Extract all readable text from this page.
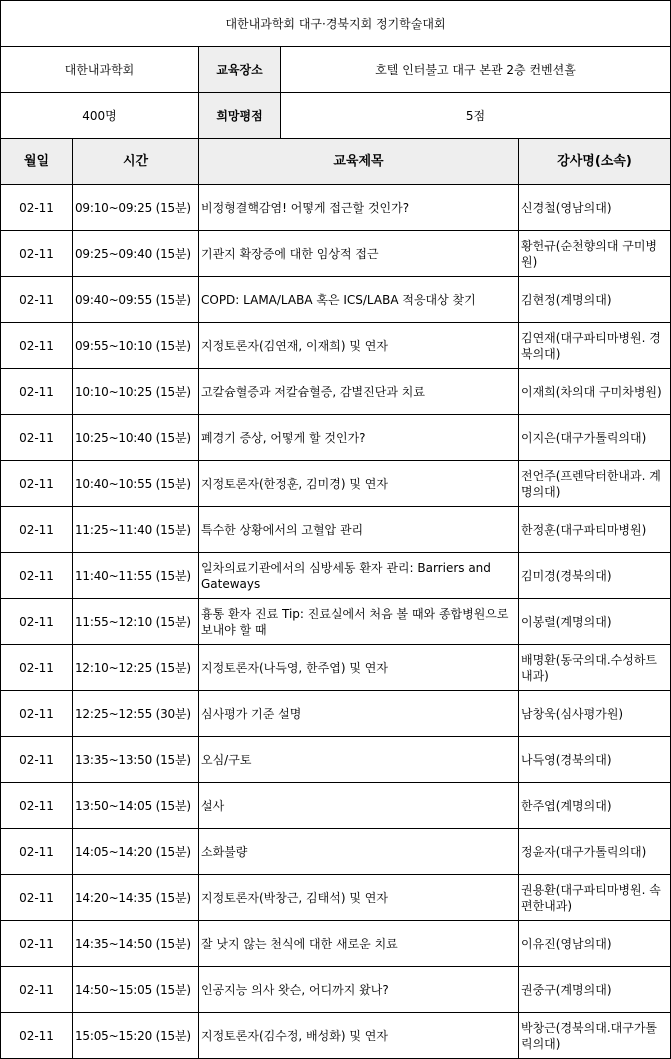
대한내과학회 대구·경북지회 정기학술대회				
대한내과학회		교육장소	호텔 인터불고 대구 본관 2층 컨벤션홀	
400명		희망평점	5점	
월일	시간	교육제목		강사명(소속)
02-11	09:10~09:25 (15분)	비정형결핵감염! 어떻게 접근할 것인가?		신경철(영남의대)
02-11	09:25~09:40 (15분)	기관지 확장증에 대한 임상적 접근		황헌규(순천향의대 구미병원)
02-11	09:40~09:55 (15분)	COPD: LAMA/LABA 혹은 ICS/LABA 적응대상 찾기		김현정(계명의대)
02-11	09:55~10:10 (15분)	지정토론자(김연재, 이재희) 및 연자		김연재(대구파티마병원. 경북의대)
02-11	10:10~10:25 (15분)	고칼슘혈증과 저칼슘혈증, 감별진단과 치료		이재희(차의대 구미차병원)
02-11	10:25~10:40 (15분)	폐경기 증상, 어떻게 할 것인가?		이지은(대구가톨릭의대)
02-11	10:40~10:55 (15분)	지정토론자(한정훈, 김미경) 및 연자		전언주(프렌닥터한내과. 계명의대)
02-11	11:25~11:40 (15분)	특수한 상황에서의 고혈압 관리		한정훈(대구파티마병원)
02-11	11:40~11:55 (15분)	일차의료기관에서의 심방세동 환자 관리: Barriers and Gateways		김미경(경북의대)
02-11	11:55~12:10 (15분)	흉통 환자 진료 Tip: 진료실에서 처음 볼 때와 종합병원으로 보내야 할 때		이봉렬(계명의대)
02-11	12:10~12:25 (15분)	지정토론자(나득영, 한주엽) 및 연자		배명환(동국의대.수성하트내과)
02-11	12:25~12:55 (30분)	심사평가 기준 설명		남창욱(심사평가원)
02-11	13:35~13:50 (15분)	오심/구토		나득영(경북의대)
02-11	13:50~14:05 (15분)	설사		한주엽(계명의대)
02-11	14:05~14:20 (15분)	소화불량		정윤자(대구가톨릭의대)
02-11	14:20~14:35 (15분)	지정토론자(박창근, 김태석) 및 연자		권용환(대구파티마병원. 속편한내과)
02-11	14:35~14:50 (15분)	잘 낫지 않는 천식에 대한 새로운 치료		이유진(영남의대)
02-11	14:50~15:05 (15분)	인공지능 의사 왓슨, 어디까지 왔나?		권중구(계명의대)
02-11	15:05~15:20 (15분)	지정토론자(김수정, 배성화) 및 연자		박창근(경북의대.대구가톨릭의대)
